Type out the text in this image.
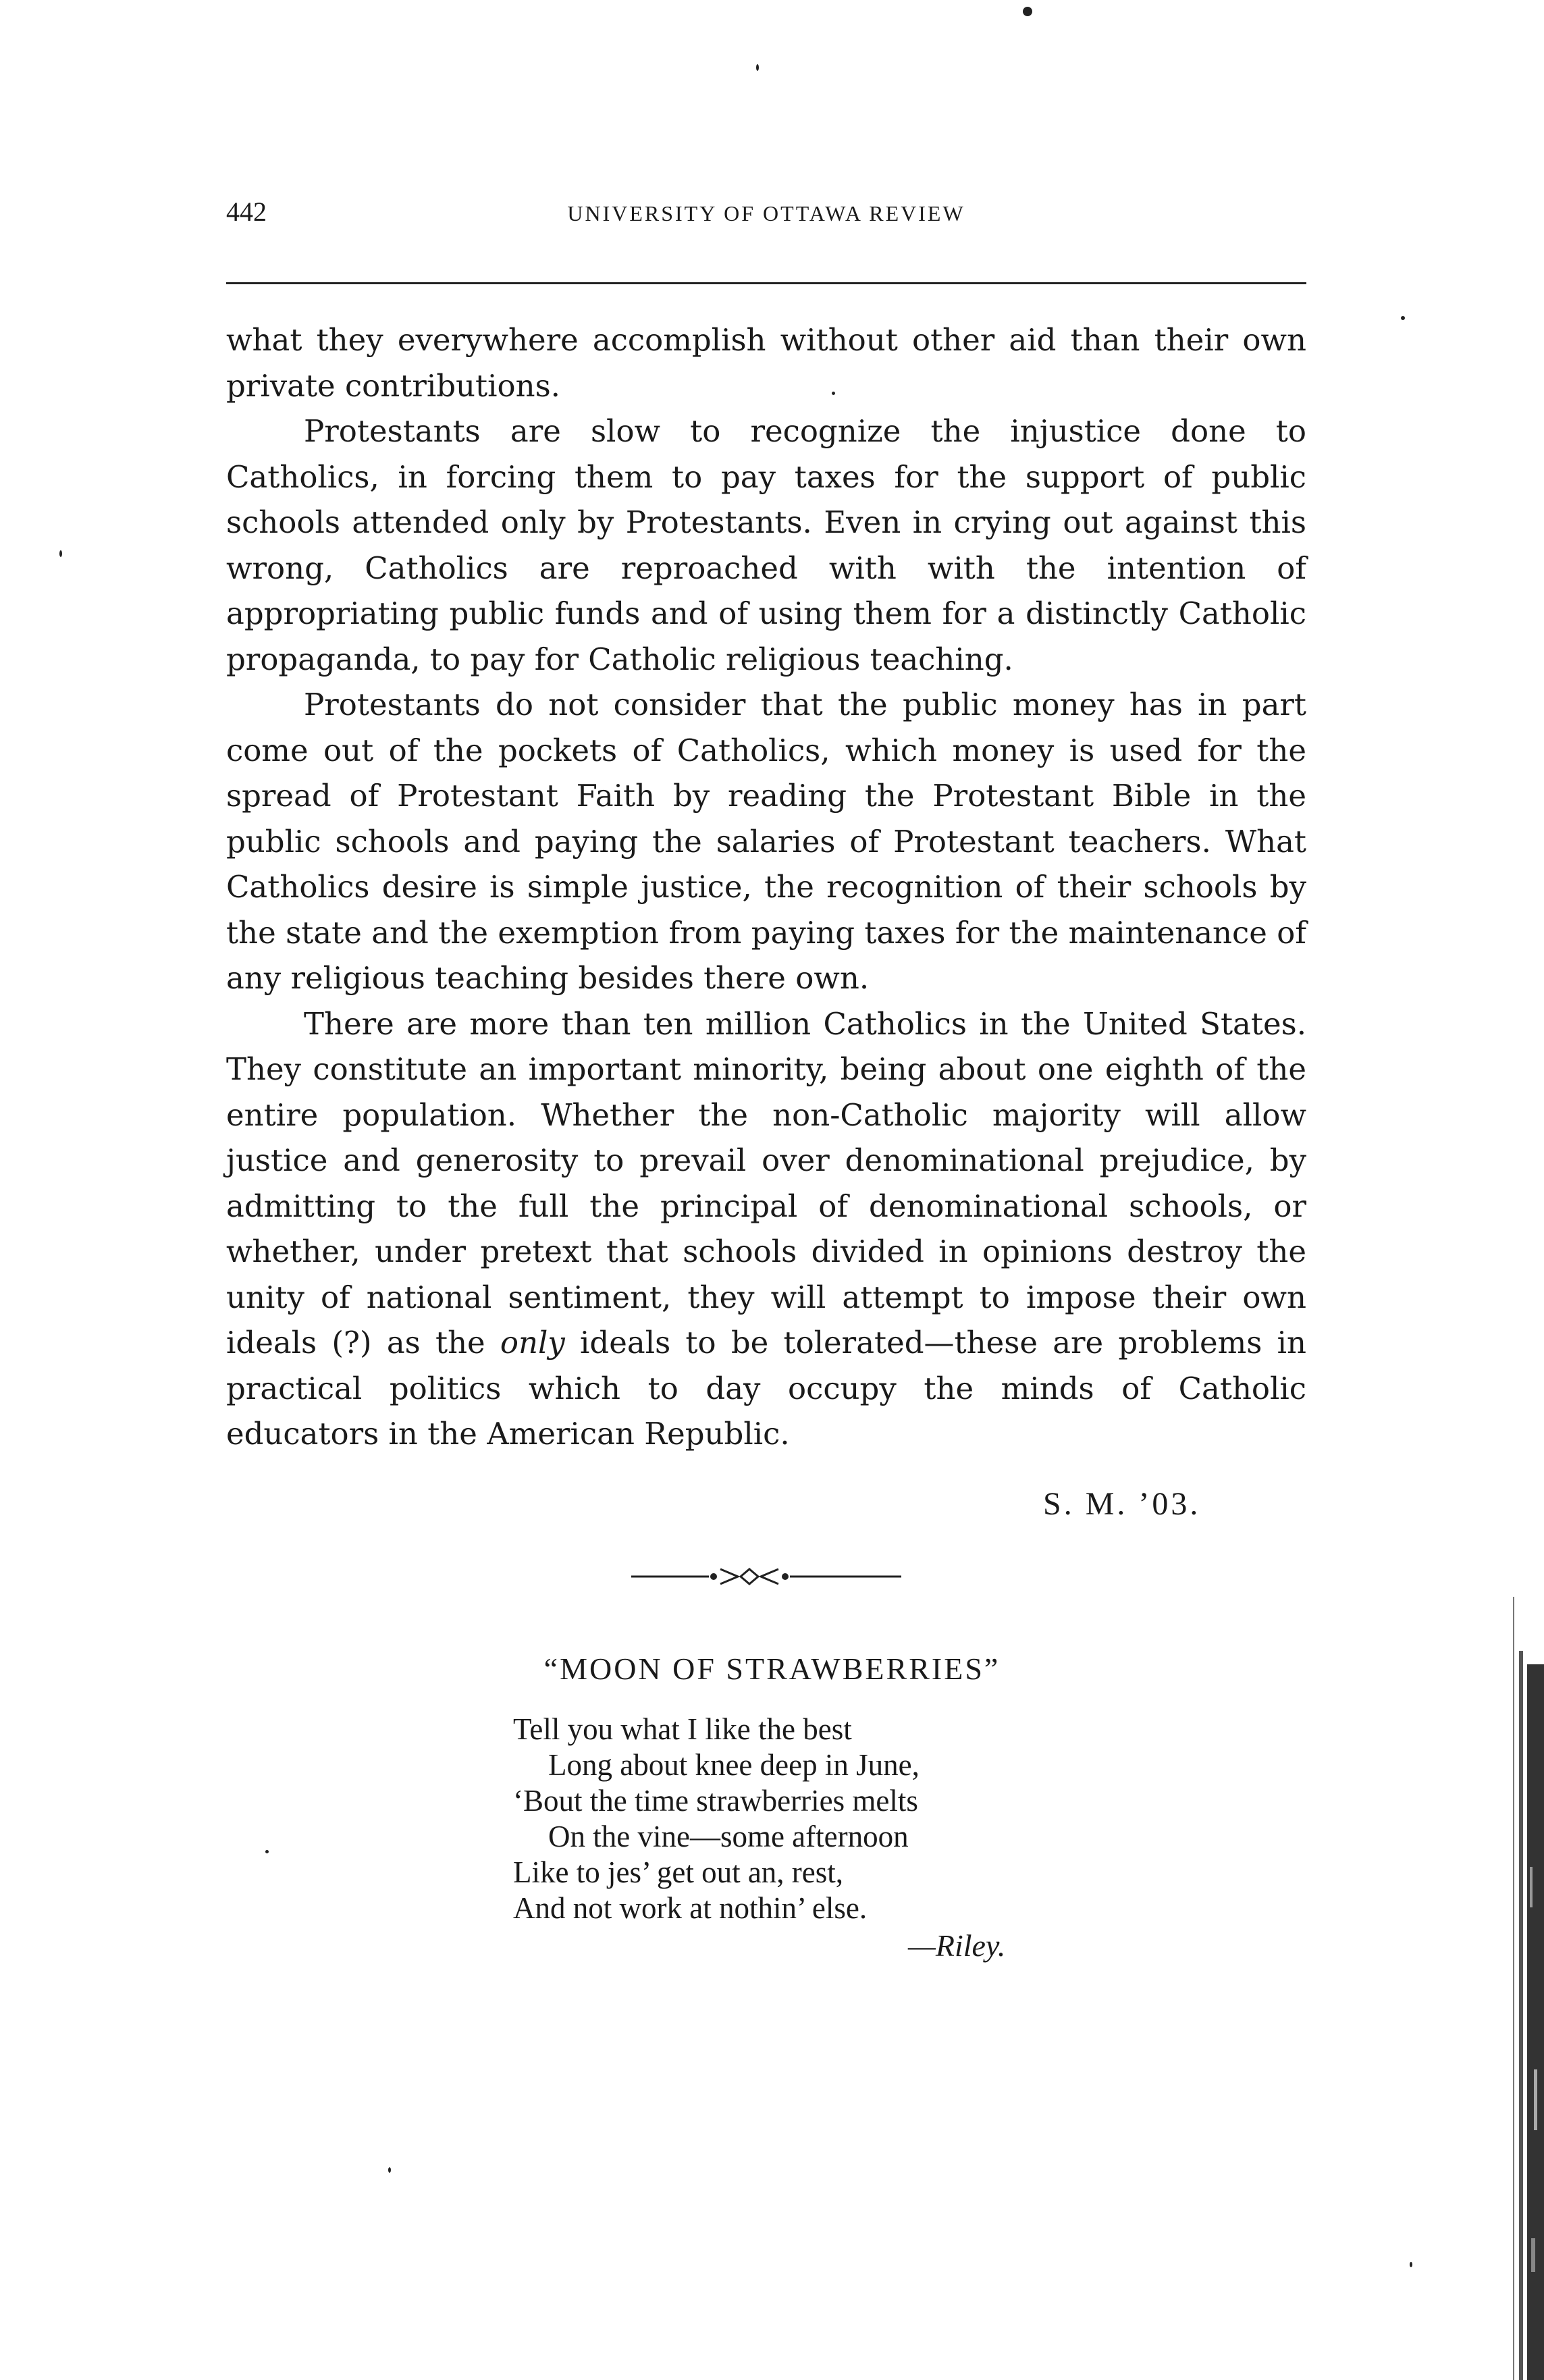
442	UNIVERSITY OF OTTAWA REVIEW

what they everywhere accomplish without other aid than their own private contributions.

Protestants are slow to recognize the injustice done to Catholics, in forcing them to pay taxes for the support of public schools attended only by Protestants. Even in crying out against this wrong, Catholics are reproached with with the intention of appropriating public funds and of using them for a distinctly Catholic propaganda, to pay for Catholic religious teaching.

Protestants do not consider that the public money has in part come out of the pockets of Catholics, which money is used for the spread of Protestant Faith by reading the Protestant Bible in the public schools and paying the salaries of Protestant teachers. What Catholics desire is simple justice, the recognition of their schools by the state and the exemption from paying taxes for the maintenance of any religious teaching besides there own.

There are more than ten million Catholics in the United States. They constitute an important minority, being about one eighth of the entire population. Whether the non-Catholic majority will allow justice and generosity to prevail over denominational prejudice, by admitting to the full the principal of denominational schools, or whether, under pretext that schools divided in opinions destroy the unity of national sentiment, they will attempt to impose their own ideals (?) as the only ideals to be tolerated—these are problems in practical politics which to day occupy the minds of Catholic educators in the American Republic.

S. M. ’03.
“MOON OF STRAWBERRIES”
Tell you what I like the best
Long about knee deep in June,
‘Bout the time strawberries melts
On the vine—some afternoon
Like to jes’ get out an, rest,
And not work at nothin’ else.
—Riley.
